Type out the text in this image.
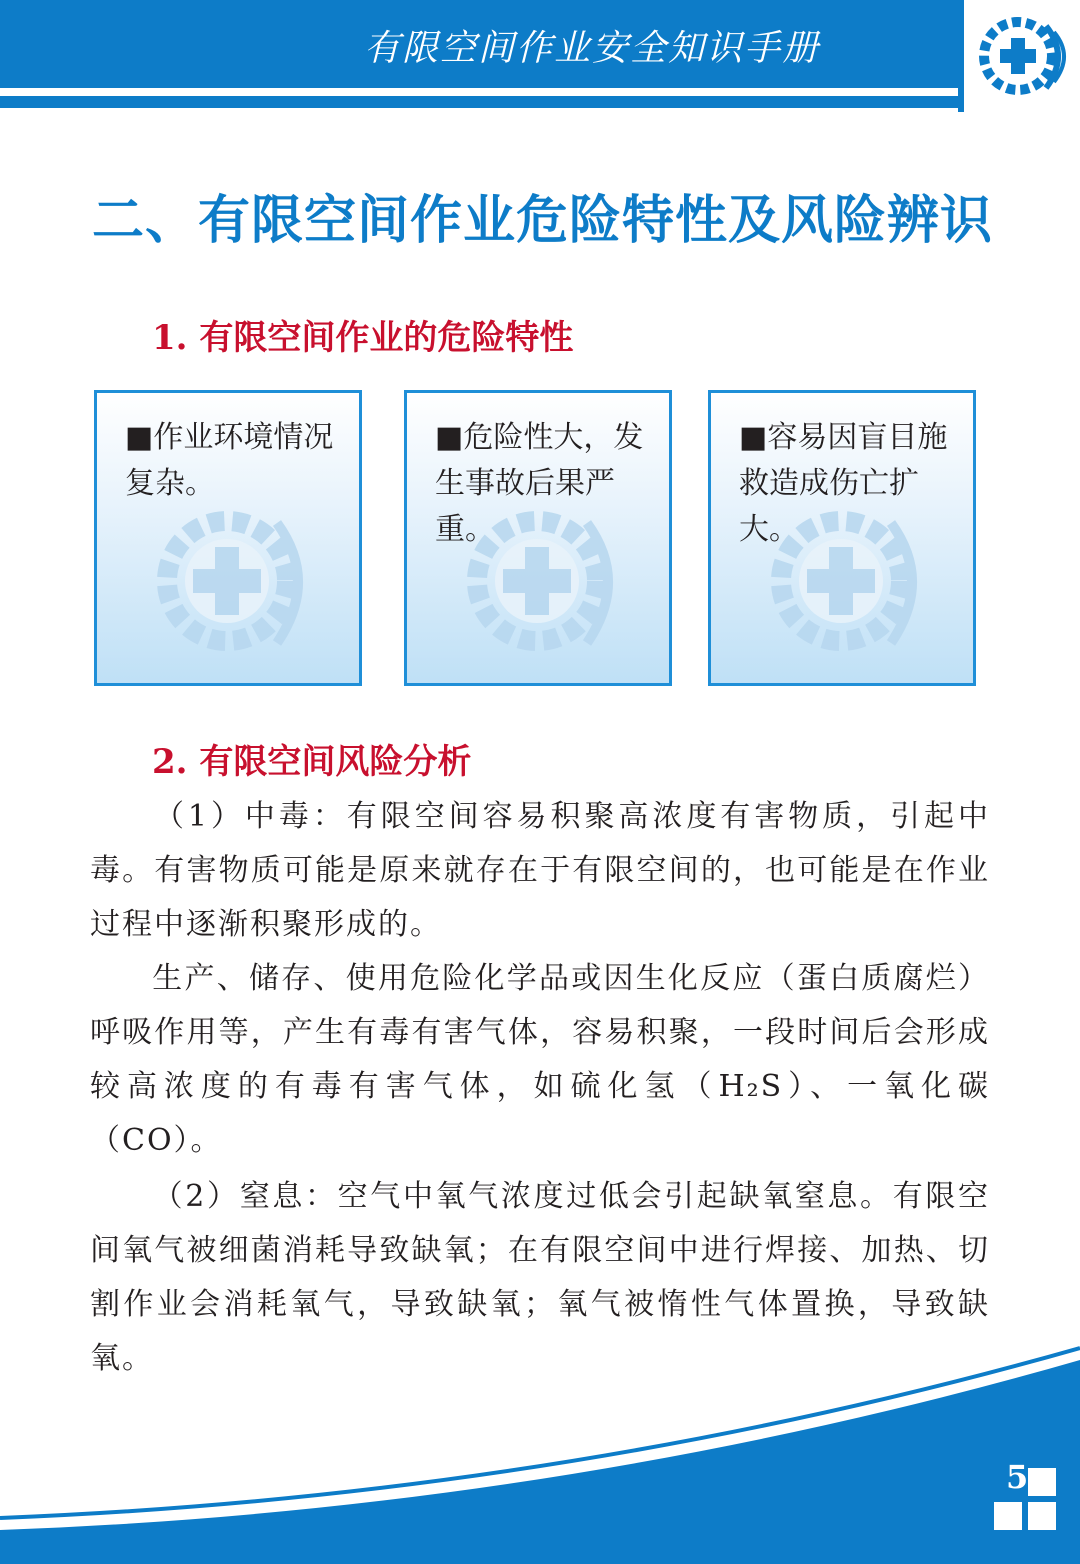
有限空间作业安全知识手册
二、有限空间作业危险特性及风险辨识
1. 有限空间作业的危险特性
■作业环境情况复杂。
■危险性大，发生事故后果严重。
■容易因盲目施救造成伤亡扩大。
2. 有限空间风险分析
（1）中毒：有限空间容易积聚高浓度有害物质，引起中毒。有害物质可能是原来就存在于有限空间的，也可能是在作业过程中逐渐积聚形成的。
生产、储存、使用危险化学品或因生化反应（蛋白质腐烂）呼吸作用等，产生有毒有害气体，容易积聚，一段时间后会形成较高浓度的有毒有害气体，如硫化氢（H₂S）、一氧化碳（CO）。
（2）窒息：空气中氧气浓度过低会引起缺氧窒息。有限空间氧气被细菌消耗导致缺氧；在有限空间中进行焊接、加热、切割作业会消耗氧气，导致缺氧；氧气被惰性气体置换，导致缺氧。
5
